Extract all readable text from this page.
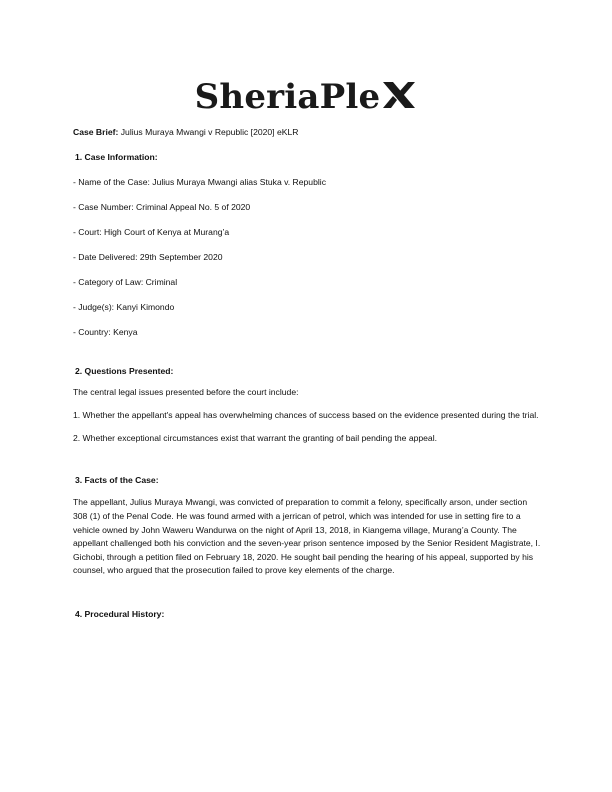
SheriaPle

Case Brief: Julius Muraya Mwangi v Republic [2020] eKLR

1. Case Information:

- Name of the Case: Julius Muraya Mwangi alias Stuka v. Republic

- Case Number: Criminal Appeal No. 5 of 2020

- Court: High Court of Kenya at Murang’a

- Date Delivered: 29th September 2020

- Category of Law: Criminal

- Judge(s): Kanyi Kimondo

- Country: Kenya

2. Questions Presented:

The central legal issues presented before the court include:

1. Whether the appellant's appeal has overwhelming chances of success based on the evidence presented during the trial.

2. Whether exceptional circumstances exist that warrant the granting of bail pending the appeal.

3. Facts of the Case:

The appellant, Julius Muraya Mwangi, was convicted of preparation to commit a felony, specifically arson, under section 308 (1) of the Penal Code. He was found armed with a jerrican of petrol, which was intended for use in setting fire to a vehicle owned by John Waweru Wandurwa on the night of April 13, 2018, in Kiangema village, Murang’a County. The appellant challenged both his conviction and the seven-year prison sentence imposed by the Senior Resident Magistrate, I. Gichobi, through a petition filed on February 18, 2020. He sought bail pending the hearing of his appeal, supported by his counsel, who argued that the prosecution failed to prove key elements of the charge.

4. Procedural History:
